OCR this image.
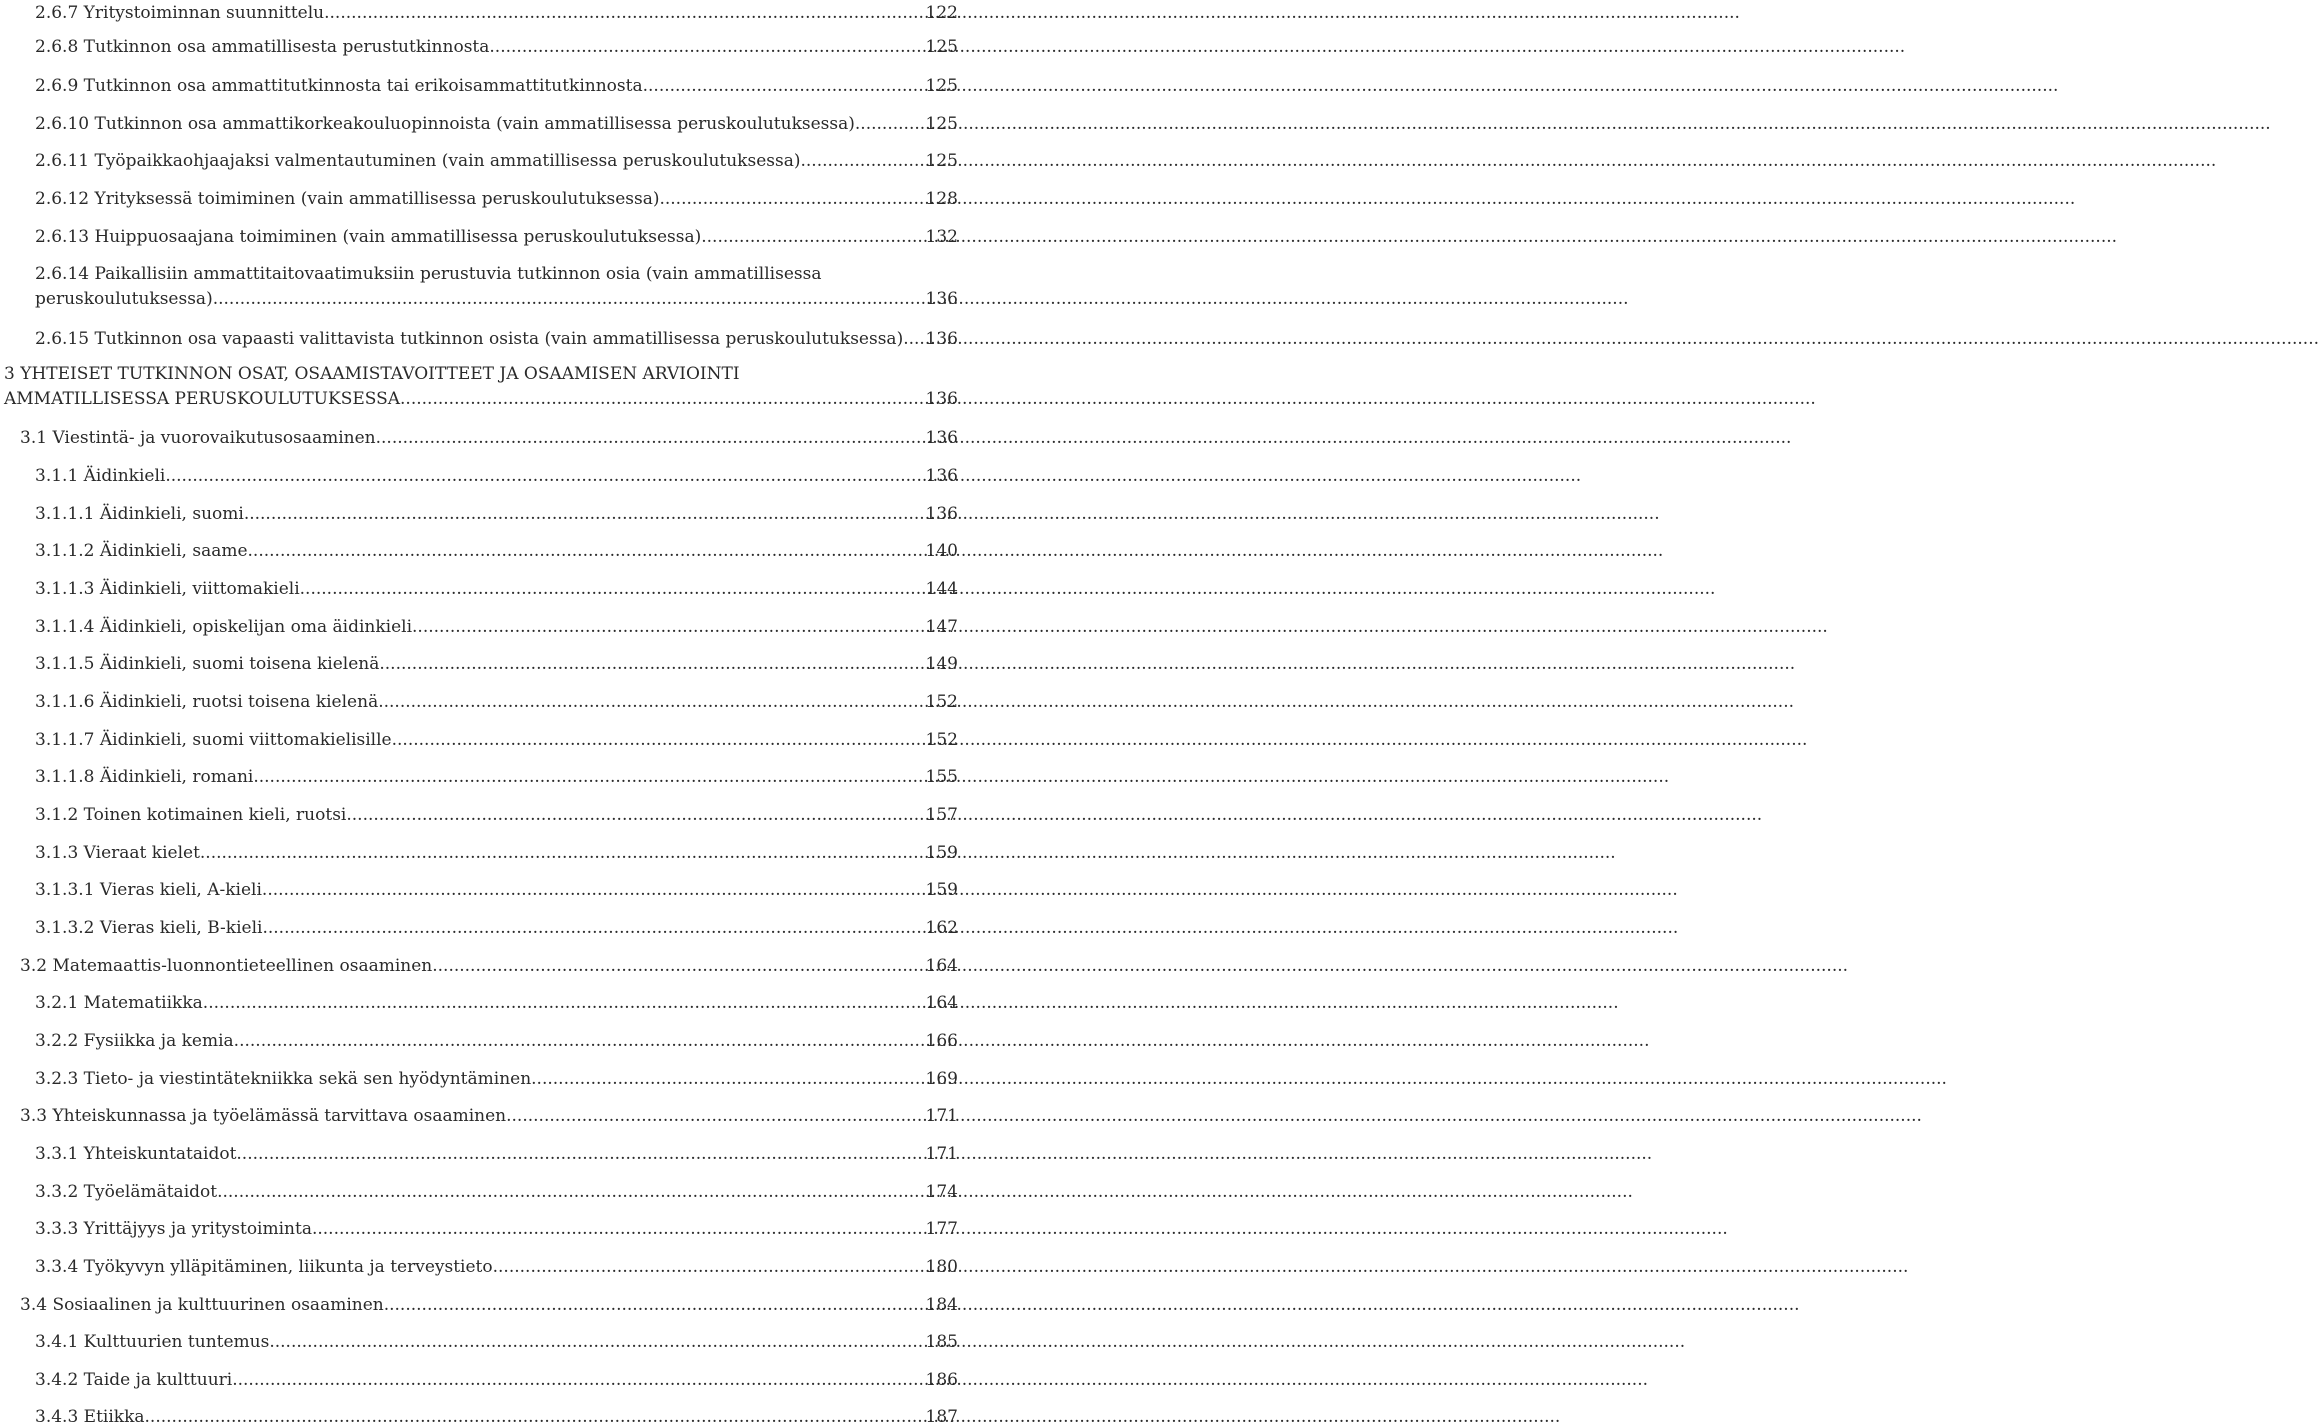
2.6.7 Yritystoiminnan suunnittelu .....	122
2.6.8 Tutkinnon osa ammatillisesta perustutkinnosta .....	125
2.6.9 Tutkinnon osa ammattitutkinnosta tai erikoisammattitutkinnosta .....	125
2.6.10 Tutkinnon osa ammattikorkeakouluopinnoista (vain ammatillisessa peruskoulutuksessa) .....	125
2.6.11 Työpaikkaohjaajaksi valmentautuminen (vain ammatillisessa peruskoulutuksessa) .....	125
2.6.12 Yrityksessä toimiminen (vain ammatillisessa peruskoulutuksessa) .....	128
2.6.13 Huippuosaajana toimiminen (vain ammatillisessa peruskoulutuksessa) .....	132
2.6.14 Paikallisiin ammattitaitovaatimuksiin perustuvia tutkinnon osia (vain ammatillisessa
peruskoulutuksessa) .....	136
2.6.15 Tutkinnon osa vapaasti valittavista tutkinnon osista (vain ammatillisessa peruskoulutuksessa) ..... 136
3 YHTEISET TUTKINNON OSAT, OSAAMISTAVOITTEET JA OSAAMISEN ARVIOINTI
AMMATILLISESSA PERUSKOULUTUKSESSA .....	136
3.1 Viestintä- ja vuorovaikutusosaaminen .....	136
3.1.1 Äidinkieli .....	136
3.1.1.1 Äidinkieli, suomi .....	136
3.1.1.2 Äidinkieli, saame .....	140
3.1.1.3 Äidinkieli, viittomakieli .....	144
3.1.1.4 Äidinkieli, opiskelijan oma äidinkieli .....	147
3.1.1.5 Äidinkieli, suomi toisena kielenä .....	149
3.1.1.6 Äidinkieli, ruotsi toisena kielenä .....	152
3.1.1.7 Äidinkieli, suomi viittomakielisille .....	152
3.1.1.8 Äidinkieli, romani .....	155
3.1.2 Toinen kotimainen kieli, ruotsi .....	157
3.1.3 Vieraat kielet .....	159
3.1.3.1 Vieras kieli, A-kieli .....	159
3.1.3.2 Vieras kieli, B-kieli .....	162
3.2 Matemaattis-luonnontieteellinen osaaminen .....	164
3.2.1 Matematiikka .....	164
3.2.2 Fysiikka ja kemia .....	166
3.2.3 Tieto- ja viestintätekniikka sekä sen hyödyntäminen .....	169
3.3 Yhteiskunnassa ja työelämässä tarvittava osaaminen .....	171
3.3.1 Yhteiskuntataidot .....	171
3.3.2 Työelämätaidot .....	174
3.3.3 Yrittäjyys ja yritystoiminta .....	177
3.3.4 Työkyvyn ylläpitäminen, liikunta ja terveystieto .....	180
3.4 Sosiaalinen ja kulttuurinen osaaminen .....	184
3.4.1 Kulttuurien tuntemus .....	185
3.4.2 Taide ja kulttuuri .....	186
3.4.3 Etiikka .....	187
